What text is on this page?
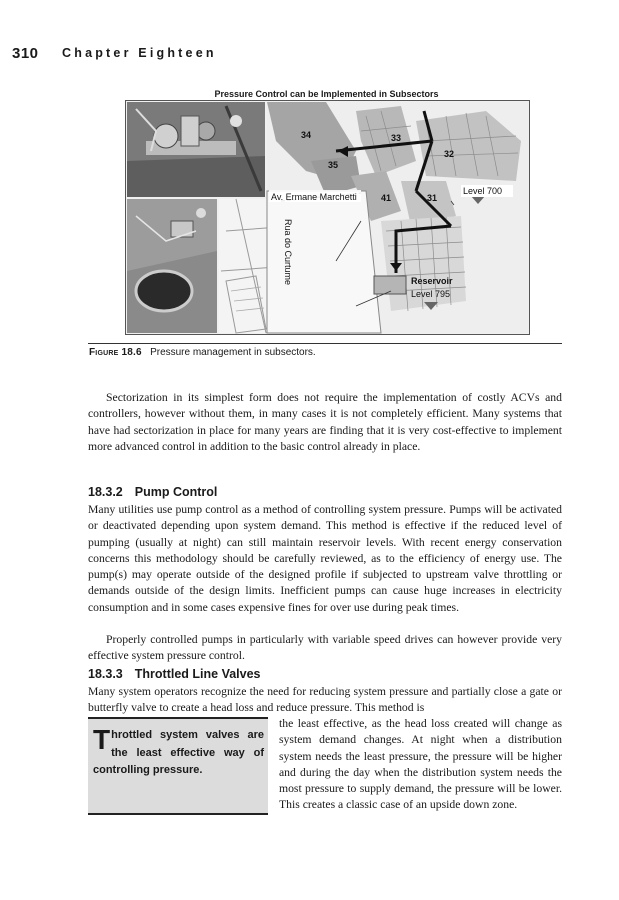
310 Chapter Eighteen
Pressure Control can be Implemented in Subsectors
Av. Ermane Marchetti
Rua do Curtume
34	33
32
35
41	31
Level 700
Reservoir
Level 795
Figure 18.6 Pressure management in subsectors.
Sectorization in its simplest form does not require the implementation of costly ACVs and controllers, however without them, in many cases it is not completely efficient. Many systems that have had sectorization in place for many years are finding that it is very cost-effective to implement more advanced control in addition to the basic control already in place.
18.3.2 Pump Control
Many utilities use pump control as a method of controlling system pressure. Pumps will be activated or deactivated depending upon system demand. This method is effective if the reduced level of pumping (usually at night) can still maintain reservoir levels. With recent energy conservation concerns this methodology should be carefully reviewed, as to the efficiency of energy use. The pump(s) may operate outside of the designed profile if subjected to upstream valve throttling or demands outside of the design limits. Inefficient pumps can cause huge increases in electricity consumption and in some cases expensive fines for over use during peak times.
Properly controlled pumps in particularly with variable speed drives can however provide very effective system pressure control.
18.3.3 Throttled Line Valves
Many system operators recognize the need for reducing system pressure and partially close a gate or butterfly valve to create a head loss and reduce pressure. This method is
Throttled system valves are the least effective way of controlling pressure.
the least effective, as the head loss created will change as system demand changes. At night when a distribution system needs the least pressure, the pressure will be higher and during the day when the distribution system needs the most pressure to supply demand, the pressure will be lower. This creates a classic case of an upside down zone.
